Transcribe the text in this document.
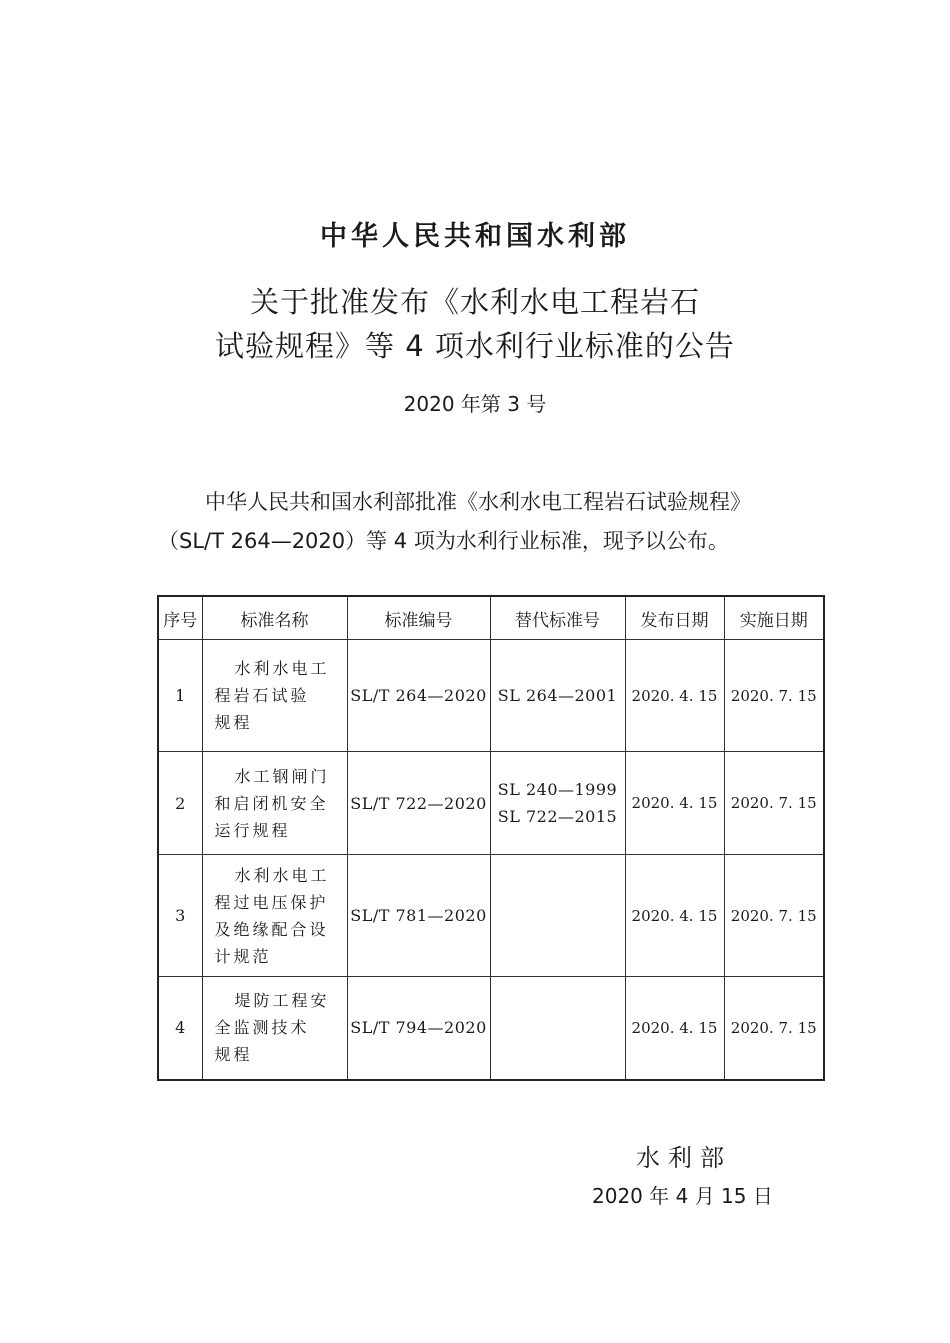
中华人民共和国水利部
关于批准发布《水利水电工程岩石
试验规程》等 4 项水利行业标准的公告
2020 年第 3 号
中华人民共和国水利部批准《水利水电工程岩石试验规程》
（SL/T 264—2020）等 4 项为水利行业标准，现予以公布。
序号	标准名称	标准编号	替代标准号	发布日期	实施日期
1	水利水电工
程岩石试验
规程	SL/T 264—2020	SL 264—2001	2020. 4. 15	2020. 7. 15
2	水工钢闸门
和启闭机安全
运行规程	SL/T 722—2020	SL 240—1999
SL 722—2015	2020. 4. 15	2020. 7. 15
3	水利水电工
程过电压保护
及绝缘配合设
计规范	SL/T 781—2020		2020. 4. 15	2020. 7. 15
4	堤防工程安
全监测技术
规程	SL/T 794—2020		2020. 4. 15	2020. 7. 15
水利部
2020 年 4 月 15 日
